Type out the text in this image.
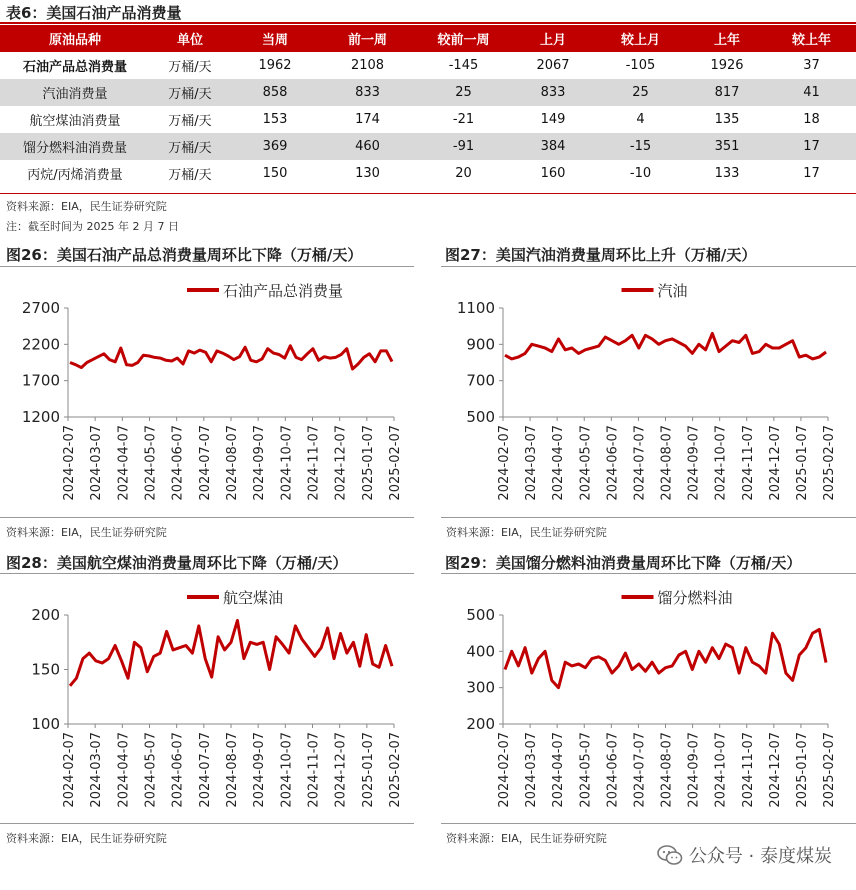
表6：美国石油产品消费量
原油品种	单位	当周	前一周	较前一周	上月	较上月	上年	较上年
石油产品总消费量	万桶/天	1962	2108	-145	2067	-105	1926	37
汽油消费量	万桶/天	858	833	25	833	25	817	41
航空煤油消费量	万桶/天	153	174	-21	149	4	135	18
馏分燃料油消费量	万桶/天	369	460	-91	384	-15	351	17
丙烷/丙烯消费量	万桶/天	150	130	20	160	-10	133	17
资料来源：EIA，民生证券研究院
注：截至时间为 2025 年 2 月 7 日
图26：美国石油产品总消费量周环比下降（万桶/天）
1200
1700
2200
2700
2024-02-07 2024-03-07 2024-04-07 2024-05-07 2024-06-07 2024-07-07 2024-08-07 2024-09-07 2024-10-07 2024-11-07 2024-12-07 2025-01-07 2025-02-07
石油产品总消费量
资料来源：EIA，民生证券研究院
图27：美国汽油消费量周环比上升（万桶/天）
500
700
900
1100
2024-02-07 2024-03-07 2024-04-07 2024-05-07 2024-06-07 2024-07-07 2024-08-07 2024-09-07 2024-10-07 2024-11-07 2024-12-07 2025-01-07 2025-02-07
汽油
资料来源：EIA，民生证券研究院
图28：美国航空煤油消费量周环比下降（万桶/天）
100
150
200
2024-02-07 2024-03-07 2024-04-07 2024-05-07 2024-06-07 2024-07-07 2024-08-07 2024-09-07 2024-10-07 2024-11-07 2024-12-07 2025-01-07 2025-02-07
航空煤油
资料来源：EIA，民生证券研究院
图29：美国馏分燃料油消费量周环比下降（万桶/天）
200
300
400
500
2024-02-07 2024-03-07 2024-04-07 2024-05-07 2024-06-07 2024-07-07 2024-08-07 2024-09-07 2024-10-07 2024-11-07 2024-12-07 2025-01-07 2025-02-07
馏分燃料油
资料来源：EIA，民生证券研究院
公众号 · 泰度煤炭
